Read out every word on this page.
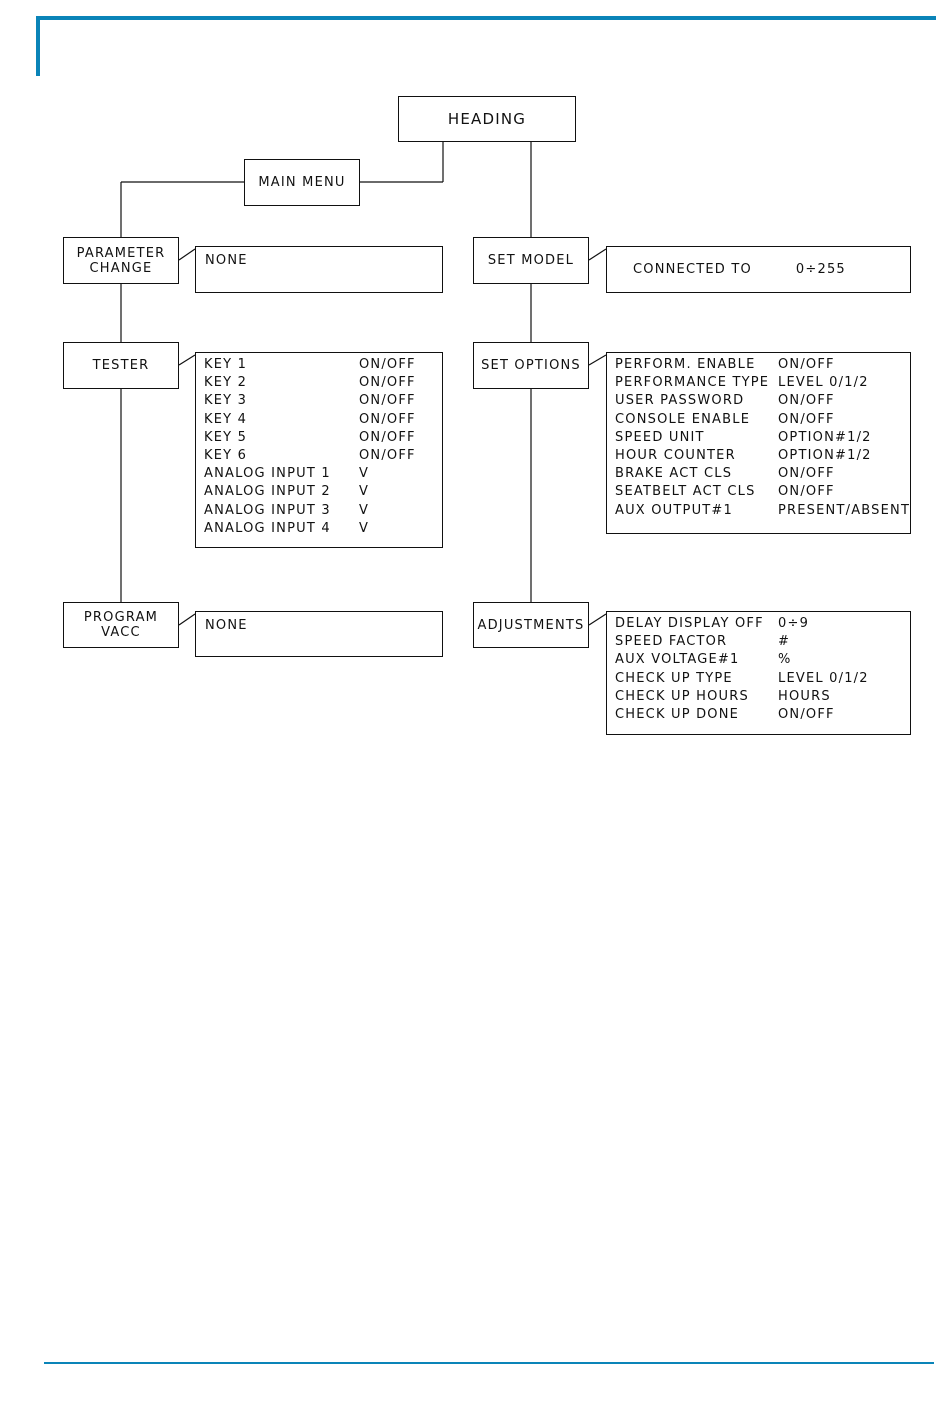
HEADING
MAIN MENU
PARAMETER
CHANGE	NONE
TESTER	KEY 1	ON/OFF
KEY 2	ON/OFF
KEY 3	ON/OFF
KEY 4	ON/OFF
KEY 5	ON/OFF
KEY 6	ON/OFF
ANALOG INPUT 1 V
ANALOG INPUT 2 V
ANALOG INPUT 3 V
ANALOG INPUT 4 V
PROGRAM VACC	NONE
SET MODEL
CONNECTED TO	0÷255
SET OPTIONS	PERFORM. ENABLE ON/OFF
PERFORMANCE TYPE LEVEL 0/1/2
USER PASSWORD	ON/OFF
CONSOLE ENABLE ON/OFF
SPEED UNIT	OPTION#1/2
HOUR COUNTER	OPTION#1/2
BRAKE ACT CLS	ON/OFF
SEATBELT ACT CLS ON/OFF
AUX OUTPUT#1	PRESENT/ABSENT
ADJUSTMENTS DELAY DISPLAY OFF 0÷9
SPEED FACTOR	#
AUX VOLTAGE#1	%
CHECK UP TYPE	LEVEL 0/1/2
CHECK UP HOURS HOURS
CHECK UP DONE	ON/OFF
